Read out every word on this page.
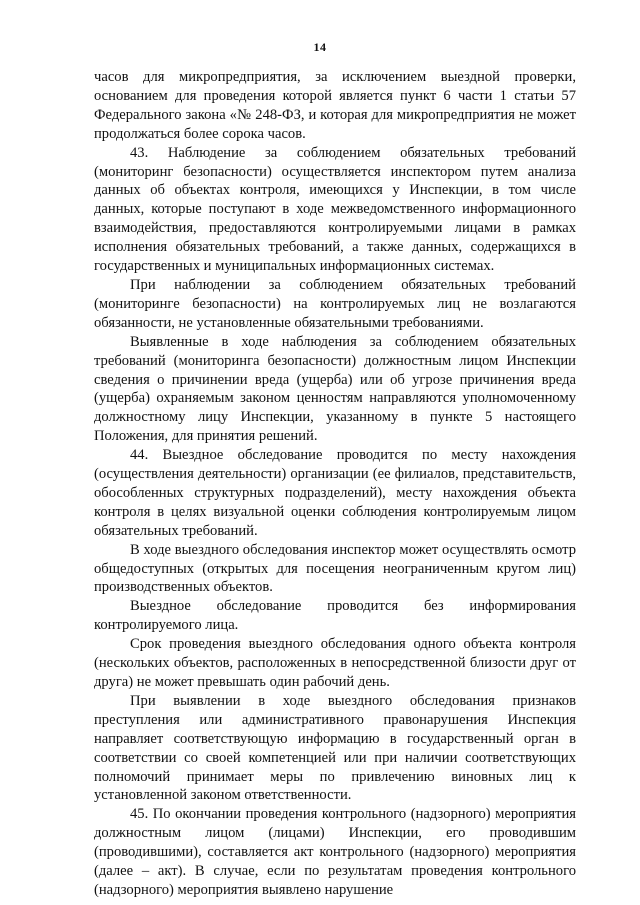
14

часов для микропредприятия, за исключением выездной проверки, основанием для проведения которой является пункт 6 части 1 статьи 57 Федерального закона «№ 248-ФЗ, и которая для микропредприятия не может продолжаться более сорока часов.

43. Наблюдение за соблюдением обязательных требований (мониторинг безопасности) осуществляется инспектором путем анализа данных об объектах контроля, имеющихся у Инспекции, в том числе данных, которые поступают в ходе межведомственного информационного взаимодействия, предоставляются контролируемыми лицами в рамках исполнения обязательных требований, а также данных, содержащихся в государственных и муниципальных информационных системах.

При наблюдении за соблюдением обязательных требований (мониторинге безопасности) на контролируемых лиц не возлагаются обязанности, не установленные обязательными требованиями.

Выявленные в ходе наблюдения за соблюдением обязательных требований (мониторинга безопасности) должностным лицом Инспекции сведения о причинении вреда (ущерба) или об угрозе причинения вреда (ущерба) охраняемым законом ценностям направляются уполномоченному должностному лицу Инспекции, указанному в пункте 5 настоящего Положения, для принятия решений.

44. Выездное обследование проводится по месту нахождения (осуществления деятельности) организации (ее филиалов, представительств, обособленных структурных подразделений), месту нахождения объекта контроля в целях визуальной оценки соблюдения контролируемым лицом обязательных требований.

В ходе выездного обследования инспектор может осуществлять осмотр общедоступных (открытых для посещения неограниченным кругом лиц) производственных объектов.

Выездное обследование проводится без информирования контролируемого лица.

Срок проведения выездного обследования одного объекта контроля (нескольких объектов, расположенных в непосредственной близости друг от друга) не может превышать один рабочий день.

При выявлении в ходе выездного обследования признаков преступления или административного правонарушения Инспекция направляет соответствующую информацию в государственный орган в соответствии со своей компетенцией или при наличии соответствующих полномочий принимает меры по привлечению виновных лиц к установленной законом ответственности.

45. По окончании проведения контрольного (надзорного) мероприятия должностным лицом (лицами) Инспекции, его проводившим (проводившими), составляется акт контрольного (надзорного) мероприятия (далее – акт). В случае, если по результатам проведения контрольного (надзорного) мероприятия выявлено нарушение
